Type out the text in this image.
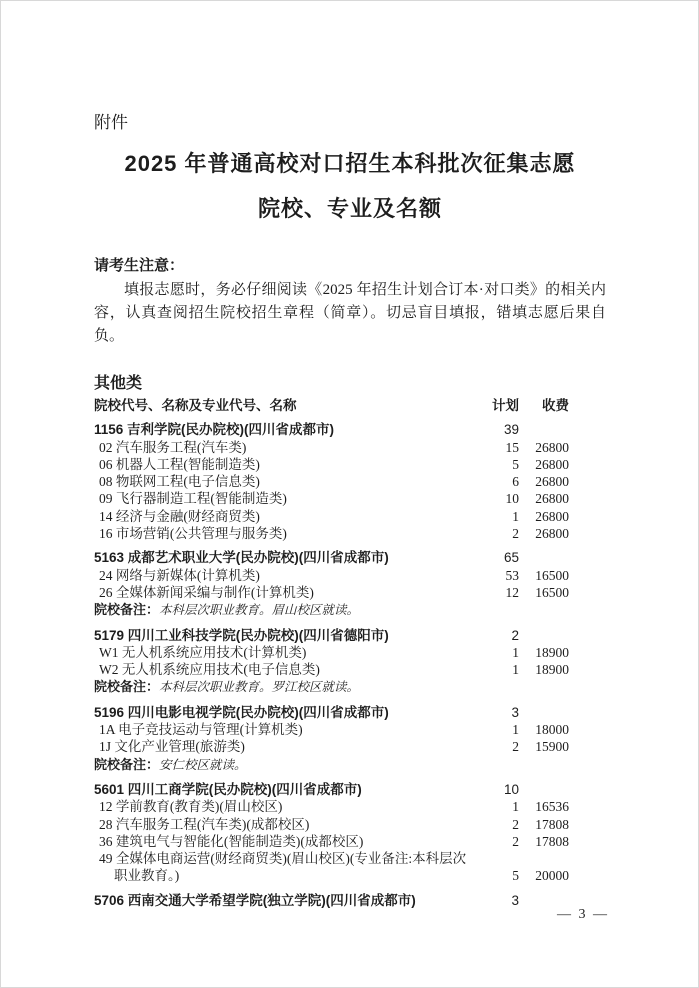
附件
2025 年普通高校对口招生本科批次征集志愿
院校、专业及名额
请考生注意：
填报志愿时，务必仔细阅读《2025 年招生计划合订本·对口类》的相关内容，认真查阅招生院校招生章程（简章）。切忌盲目填报，错填志愿后果自负。
其他类
院校代号、名称及专业代号、名称	计划	收费
1156 吉利学院(民办院校)(四川省成都市)	39
02 汽车服务工程(汽车类)	15	26800
06 机器人工程(智能制造类)	5	26800
08 物联网工程(电子信息类)	6	26800
09 飞行器制造工程(智能制造类)	10	26800
14 经济与金融(财经商贸类)	1	26800
16 市场营销(公共管理与服务类)	2	26800
5163 成都艺术职业大学(民办院校)(四川省成都市)	65
24 网络与新媒体(计算机类)	53	16500
26 全媒体新闻采编与制作(计算机类)	12	16500
院校备注：本科层次职业教育。眉山校区就读。
5179 四川工业科技学院(民办院校)(四川省德阳市)	2
W1 无人机系统应用技术(计算机类)	1	18900
W2 无人机系统应用技术(电子信息类)	1	18900
院校备注：本科层次职业教育。罗江校区就读。
5196 四川电影电视学院(民办院校)(四川省成都市)	3
1A 电子竞技运动与管理(计算机类)	1	18000
1J 文化产业管理(旅游类)	2	15900
院校备注：安仁校区就读。
5601 四川工商学院(民办院校)(四川省成都市)	10
12 学前教育(教育类)(眉山校区)	1	16536
28 汽车服务工程(汽车类)(成都校区)	2	17808
36 建筑电气与智能化(智能制造类)(成都校区)	2	17808
49 全媒体电商运营(财经商贸类)(眉山校区)(专业备注:本科层次职业教育。)	5	20000
5706 西南交通大学希望学院(独立学院)(四川省成都市)	3
— 3 —
